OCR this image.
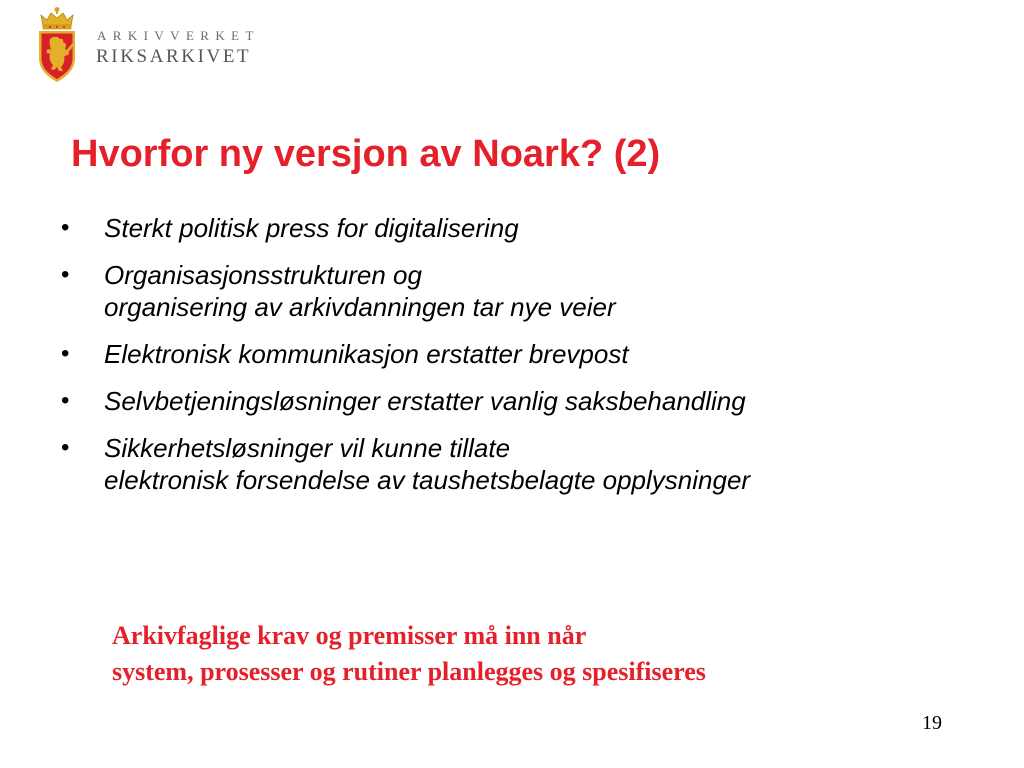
ARKIVVERKET
RIKSARKIVET
Hvorfor ny versjon av Noark? (2)
• Sterkt politisk press for digitalisering
• Organisasjonsstrukturen og
organisering av arkivdanningen tar nye veier
• Elektronisk kommunikasjon erstatter brevpost
• Selvbetjeningsløsninger erstatter vanlig saksbehandling
• Sikkerhetsløsninger vil kunne tillate
elektronisk forsendelse av taushetsbelagte opplysninger
Arkivfaglige krav og premisser må inn når
system, prosesser og rutiner planlegges og spesifiseres
19
